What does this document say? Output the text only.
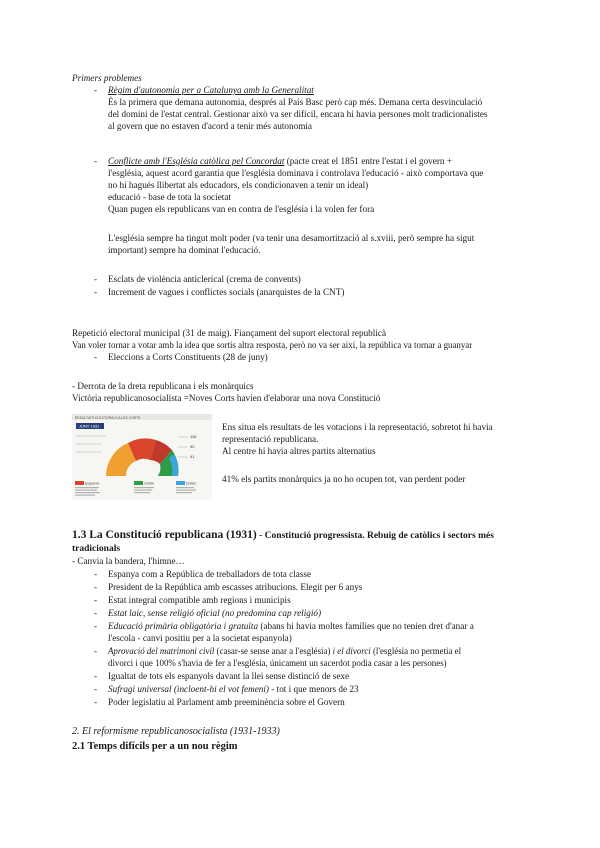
Primers problemes
- Règim d'autonomia per a Catalunya amb la Generalitat
És la primera que demana autonomia, després al País Basc però cap més. Demana certa desvinculació
del domini de l'estat central. Gestionar això va ser difícil, encara hi havia persones molt tradicionalistes
al govern que no estaven d'acord a tenir més autonomia
- Conflicte amb l'Església catòlica pel Concordat (pacte creat el 1851 entre l'estat i el govern +
l'església, aquest acord garantia que l'església dominava i controlava l'educació - això comportava que
no hi hagués llibertat als educadors, els condicionaven a tenir un ideal)
educació - base de tota la societat
Quan pugen els republicans van en contra de l'església i la volen fer fora
L'església sempre ha tingut molt poder (va tenir una desamortització al s.xviii, però sempre ha sigut
important) sempre ha dominat l'educació.
- Esclats de violència anticlerical (crema de convents)
- Increment de vagues i conflictes socials (anarquistes de la CNT)
Repetició electoral municipal (31 de maig). Fiançament del suport electoral republicà
Van voler tornar a votar amb la idea que sortís altra resposta, però no va ser així, la república va tornar a guanyar
- Eleccions a Corts Constituents (28 de juny)
- Derrota de la dreta republicana i els monàrquics
Victòria republicanosocialista =Noves Corts havien d'elaborar una nova Constitució
RESULTATS ELECTORALS A LES CORTS
JUNY 1931
116
90
41
Esquerra	Centre	Dretes
Ens situa els resultats de les votacions i la representació, sobretot hi havia
representació republicana.
Al centre hi havia altres partits alternatius
41% els partits monàrquics ja no ho ocupen tot, van perdent poder
1.3 La Constitució republicana (1931) - Constitució progressista. Rebuig de catòlics i sectors més
tradicionals
- Canvia la bandera, l'himne…
- Espanya com a República de treballadors de tota classe
- President de la República amb escasses atribucions. Elegit per 6 anys
- Estat integral compatible amb regions i municipis
- Estat laic, sense religió oficial (no predomina cap religió)
- Educació primària obligatòria i gratuïta (abans hi havia moltes famílies que no tenien dret d'anar a
l'escola - canvi positiu per a la societat espanyola)
- Aprovació del matrimoni civil (casar-se sense anar a l'església) i el divorci (l'església no permetia el
divorci i que 100% s'havia de fer a l'església, únicament un sacerdot podia casar a les persones)
- Igualtat de tots els espanyols davant la llei sense distinció de sexe
- Sufragi universal (incloent-hi el vot femení) - tot i que menors de 23
- Poder legislatiu al Parlament amb preeminència sobre el Govern
2. El reformisme republicanosocialista (1931-1933)
2.1 Temps difícils per a un nou règim
